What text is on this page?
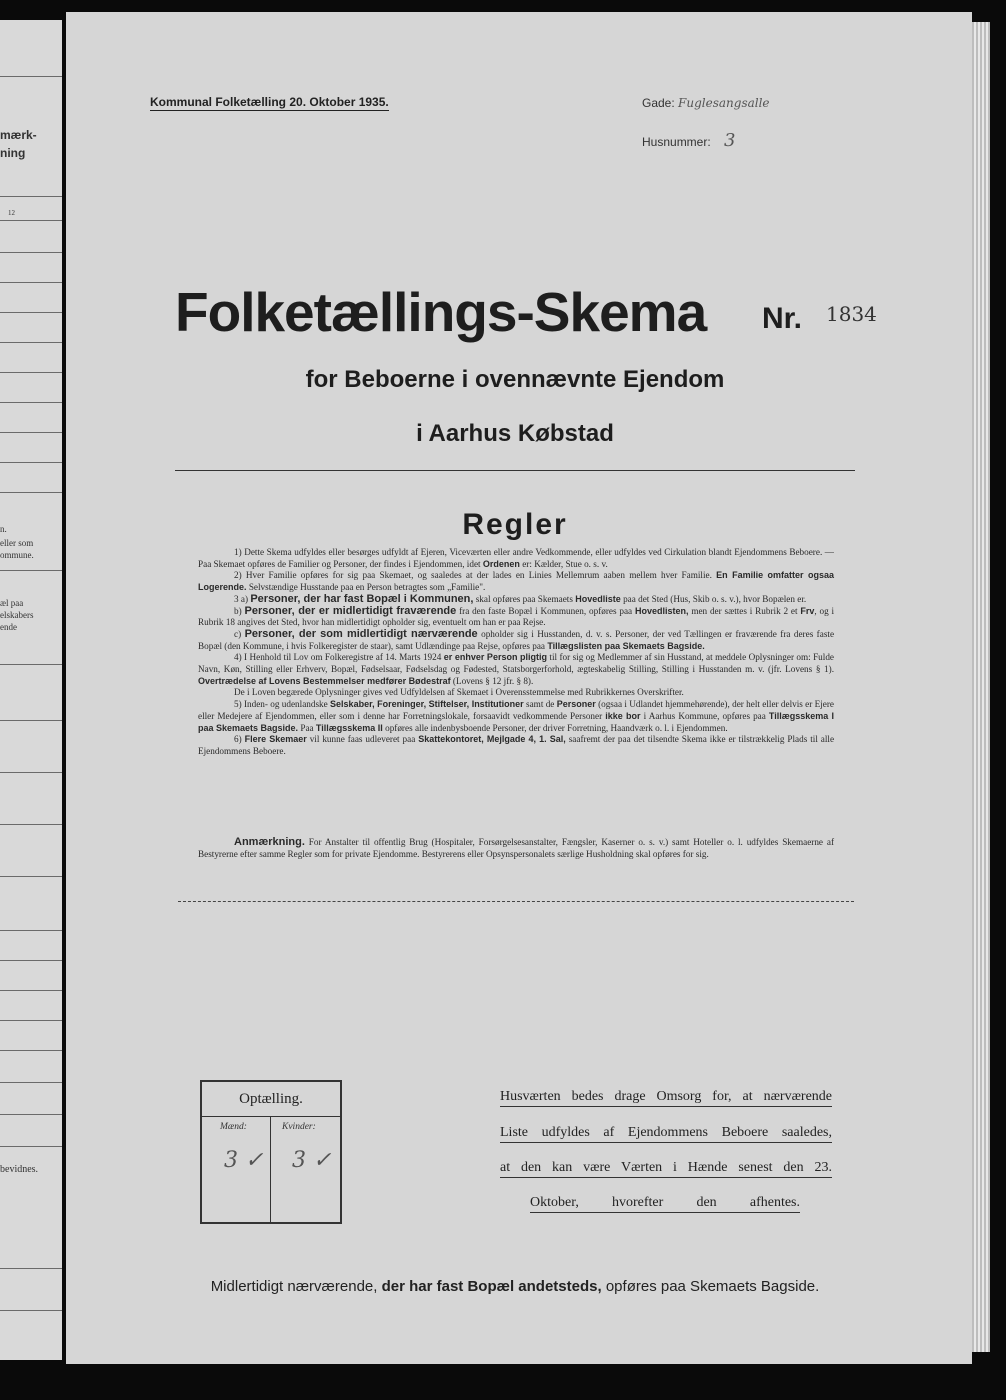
mærk-
ning
12
n.
eller som
ommune.
æl paa
elskabers
ende
bevidnes.
Kommunal Folketælling 20. Oktober 1935.	Gade: Fuglesangsalle
Husnummer: 3
Folketællings-Skema Nr. 1834
for Beboerne i ovennævnte Ejendom
i Aarhus Købstad
Regler

1) Dette Skema udfyldes eller besørges udfyldt af Ejeren, Viceværten eller andre Vedkommende, eller udfyldes ved Cirkulation blandt Ejendommens Beboere. — Paa Skemaet opføres de Familier og Personer, der findes i Ejendommen, idet Ordenen er: Kælder, Stue o. s. v.

2) Hver Familie opføres for sig paa Skemaet, og saaledes at der lades en Linies Mellemrum aaben mellem hver Familie. En Familie omfatter ogsaa Logerende. Selvstændige Husstande paa en Person betragtes som „Familie".

3 a) Personer, der har fast Bopæl i Kommunen, skal opføres paa Skemaets Hovedliste paa det Sted (Hus, Skib o. s. v.), hvor Bopælen er.

b) Personer, der er midlertidigt fraværende fra den faste Bopæl i Kommunen, opføres paa Hovedlisten, men der sættes i Rubrik 2 et Frv, og i Rubrik 18 angives det Sted, hvor han midlertidigt opholder sig, eventuelt om han er paa Rejse.

c) Personer, der som midlertidigt nærværende opholder sig i Husstanden, d. v. s. Personer, der ved Tællingen er fraværende fra deres faste Bopæl (den Kommune, i hvis Folkeregister de staar), samt Udlændinge paa Rejse, opføres paa Tillægslisten paa Skemaets Bagside.

4) I Henhold til Lov om Folkeregistre af 14. Marts 1924 er enhver Person pligtig til for sig og Medlemmer af sin Husstand, at meddele Oplysninger om: Fulde Navn, Køn, Stilling eller Erhverv, Bopæl, Fødselsaar, Fødselsdag og Fødested, Statsborgerforhold, ægteskabelig Stilling, Stilling i Husstanden m. v. (jfr. Lovens § 1). Overtrædelse af Lovens Bestemmelser medfører Bødestraf (Lovens § 12 jfr. § 8).

De i Loven begærede Oplysninger gives ved Udfyldelsen af Skemaet i Overensstemmelse med Rubrikkernes Overskrifter.

5) Inden- og udenlandske Selskaber, Foreninger, Stiftelser, Institutioner samt de Personer (ogsaa i Udlandet hjemmehørende), der helt eller delvis er Ejere eller Medejere af Ejendommen, eller som i denne har Forretningslokale, forsaavidt vedkommende Personer ikke bor i Aarhus Kommune, opføres paa Tillægsskema I paa Skemaets Bagside. Paa Tillægsskema II opføres alle indenbysboende Personer, der driver Forretning, Haandværk o. l. i Ejendommen.

6) Flere Skemaer vil kunne faas udleveret paa Skattekontoret, Mejlgade 4, 1. Sal, saafremt der paa det tilsendte Skema ikke er tilstrækkelig Plads til alle Ejendommens Beboere.

Anmærkning. For Anstalter til offentlig Brug (Hospitaler, Forsørgelsesanstalter, Fængsler, Kaserner o. s. v.) samt Hoteller o. l. udfyldes Skemaerne af Bestyrerne efter samme Regler som for private Ejendomme. Bestyrerens eller Opsynspersonalets særlige Husholdning skal opføres for sig.
Optælling.
Mænd:	Kvinder:
3 ✓ 3 ✓
Husværten bedes drage Omsorg for, at nærværende
Liste udfyldes af Ejendommens Beboere saaledes,
at den kan være Værten i Hænde senest den 23.
Oktober, hvorefter den afhentes.
Midlertidigt nærværende, der har fast Bopæl andetsteds, opføres paa Skemaets Bagside.
